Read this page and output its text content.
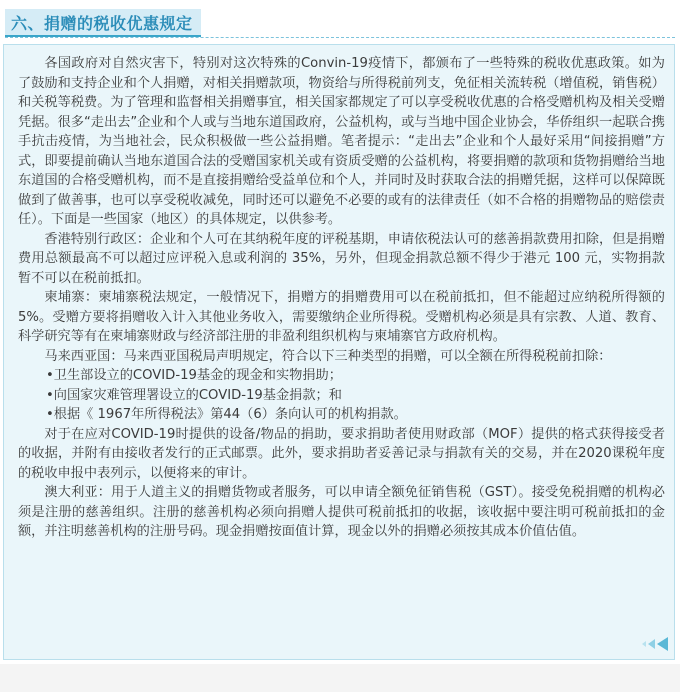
六、捐赠的税收优惠规定

各国政府对自然灾害下，特别对这次特殊的Convin-19疫情下，都颁布了一些特殊的税收优惠政策。如为了鼓励和支持企业和个人捐赠，对相关捐赠款项，物资给与所得税前列支，免征相关流转税（增值税，销售税）和关税等税费。为了管理和监督相关捐赠事宜，相关国家都规定了可以享受税收优惠的合格受赠机构及相关受赠凭据。很多“走出去”企业和个人或与当地东道国政府，公益机构，或与当地中国企业协会，华侨组织一起联合携手抗击疫情，为当地社会，民众积极做一些公益捐赠。笔者提示：“走出去”企业和个人最好采用“间接捐赠”方式，即要提前确认当地东道国合法的受赠国家机关或有资质受赠的公益机构，将要捐赠的款项和货物捐赠给当地东道国的合格受赠机构，而不是直接捐赠给受益单位和个人，并同时及时获取合法的捐赠凭据，这样可以保障既做到了做善事，也可以享受税收减免，同时还可以避免不必要的或有的法律责任（如不合格的捐赠物品的赔偿责任）。下面是一些国家（地区）的具体规定，以供参考。

香港特别行政区：企业和个人可在其纳税年度的评税基期，申请依税法认可的慈善捐款费用扣除，但是捐赠费用总额最高不可以超过应评税入息或利润的 35%，另外，但现金捐款总额不得少于港元 100 元，实物捐款暂不可以在税前抵扣。

柬埔寨：柬埔寨税法规定，一般情况下，捐赠方的捐赠费用可以在税前抵扣，但不能超过应纳税所得额的5%。受赠方要将捐赠收入计入其他业务收入，需要缴纳企业所得税。受赠机构必须是具有宗教、人道、教育、科学研究等有在柬埔寨财政与经济部注册的非盈利组织机构与柬埔寨官方政府机构。

马来西亚国：马来西亚国税局声明规定，符合以下三种类型的捐赠，可以全额在所得税税前扣除：

•卫生部设立的COVID-19基金的现金和实物捐助；

•向国家灾难管理署设立的COVID-19基金捐款；和

•根据《 1967年所得税法》第44（6）条向认可的机构捐款。

对于在应对COVID-19时提供的设备/物品的捐助，要求捐助者使用财政部（MOF）提供的格式获得接受者的收据，并附有由接收者发行的正式邮票。此外，要求捐助者妥善记录与捐款有关的交易，并在2020课税年度的税收申报中表列示，以便将来的审计。

澳大利亚：用于人道主义的捐赠货物或者服务，可以申请全额免征销售税（GST）。接受免税捐赠的机构必须是注册的慈善组织。注册的慈善机构必须向捐赠人提供可税前抵扣的收据，该收据中要注明可税前抵扣的金额，并注明慈善机构的注册号码。现金捐赠按面值计算，现金以外的捐赠必须按其成本价值估值。
